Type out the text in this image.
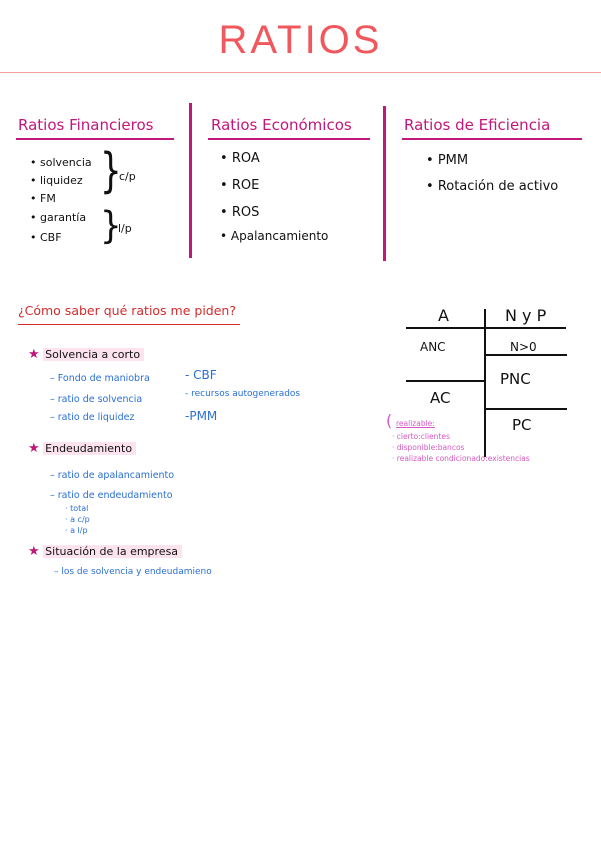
RATIOS
Ratios Financieros
• solvencia
• liquidez
• FM }
c/p
• garantía
• CBF }
l/p
Ratios Económicos
• ROA
• ROE
• ROS
• Apalancamiento
Ratios de Eficiencia
• PMM
• Rotación de activo
¿Cómo saber qué ratios me piden?
★ Solvencia a corto
– Fondo de maniobra
– ratio de solvencia
– ratio de liquidez
- CBF
- recursos autogenerados
-PMM
★ Endeudamiento
– ratio de apalancamiento
– ratio de endeudamiento
· total
· a c/p
· a l/p
★ Situación de la empresa
– los de solvencia y endeudamieno
A	N y P
ANC	N>0
PNC
AC
PC
( realizable:
· cierto:clientes
· disponible:bancos
· realizable condicionado:existencias
